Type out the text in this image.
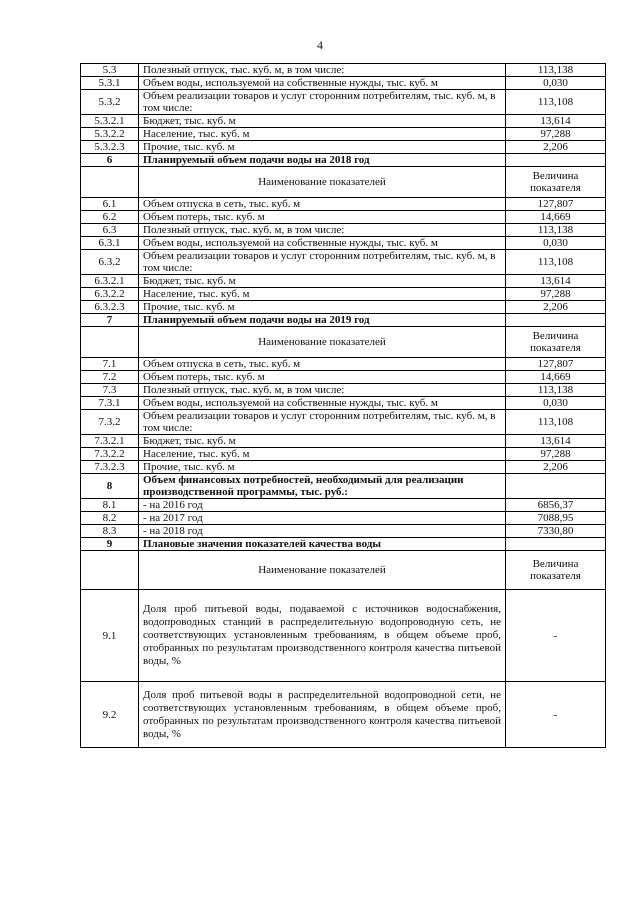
4
5.3	Полезный отпуск, тыс. куб. м, в том числе:	113,138
5.3.1	Объем воды, используемой на собственные нужды, тыс. куб. м	0,030
5.3.2	Объем реализации товаров и услуг сторонним потребителям, тыс. куб. м, в том числе:	113,108
5.3.2.1	Бюджет, тыс. куб. м	13,614
5.3.2.2	Население, тыс. куб. м	97,288
5.3.2.3	Прочие, тыс. куб. м	2,206
6	Планируемый объем подачи воды на 2018 год	
	Наименование показателей	Величина показателя
6.1	Объем отпуска в сеть, тыс. куб. м	127,807
6.2	Объем потерь, тыс. куб. м	14,669
6.3	Полезный отпуск, тыс. куб. м, в том числе:	113,138
6.3.1	Объем воды, используемой на собственные нужды, тыс. куб. м	0,030
6.3.2	Объем реализации товаров и услуг сторонним потребителям, тыс. куб. м, в том числе:	113,108
6.3.2.1	Бюджет, тыс. куб. м	13,614
6.3.2.2	Население, тыс. куб. м	97,288
6.3.2.3	Прочие, тыс. куб. м	2,206
7	Планируемый объем подачи воды на 2019 год	
	Наименование показателей	Величина показателя
7.1	Объем отпуска в сеть, тыс. куб. м	127,807
7.2	Объем потерь, тыс. куб. м	14,669
7.3	Полезный отпуск, тыс. куб. м, в том числе:	113,138
7.3.1	Объем воды, используемой на собственные нужды, тыс. куб. м	0,030
7.3.2	Объем реализации товаров и услуг сторонним потребителям, тыс. куб. м, в том числе:	113,108
7.3.2.1	Бюджет, тыс. куб. м	13,614
7.3.2.2	Население, тыс. куб. м	97,288
7.3.2.3	Прочие, тыс. куб. м	2,206
8	Объем финансовых потребностей, необходимый для реализации производственной программы, тыс. руб.:	
8.1	- на 2016 год	6856,37
8.2	- на 2017 год	7088,95
8.3	- на 2018 год	7330,80
9	Плановые значения показателей качества воды	
	Наименование показателей	Величина показателя
9.1	Доля проб питьевой воды, подаваемой с источников водоснабжения, водопроводных станций в распределительную водопроводную сеть, не соответствующих установленным требованиям, в общем объеме проб, отобранных по результатам производственного контроля качества питьевой воды, %	-
9.2	Доля проб питьевой воды в распределительной водопроводной сети, не соответствующих установленным требованиям, в общем объеме проб, отобранных по результатам производственного контроля качества питьевой воды, %	-
